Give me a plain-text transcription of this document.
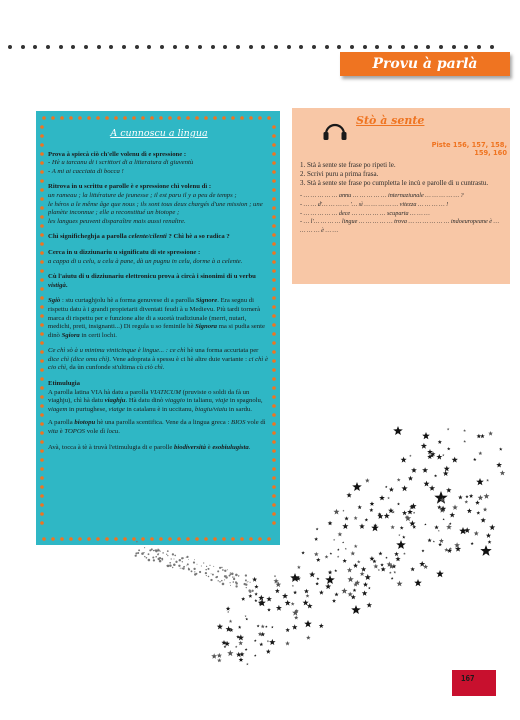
Provu à parlà
A cunnoscu a lingua

Prova à spiecà ciò ch'elle volenu dì e spressione :
- Hè u tarcanu di i scrittori di a litteratura di giuventù
- A mi ai cacciata di bocca !

Ritrova in u scrittu e parolle è e spressione chì volenu dì :
un rameau ; la littérature de jeunesse ; il est paru il y a peu de temps ;
le héros a le même âge que nous ; ils sont tous deux chargés d'une mission ; une planète inconnue ; elle a reconstitué un biotope ;
les langues peuvent disparaître mais aussi renaître.

Chì significheghja a parolla celente/cilenti ? Chì hè a so radica ?

Cerca in u dizziunariu u significatu di ste spressione :
a cappa di u celu, u celu à pane, dà un pugnu in celu, dorme à a celente.

Cù l'aiutu di u dizziunariu elettronicu prova à circà i sinonimi di u verbu vistigà.

Sgiò : stu curtaghjolu hè a forma genuvese di a parolla Signore. Era segnu di rispettu datu à i grandi propietarii diventati feudi à u Medievu. Più tardi tornerà marca di rispettu per e funzione alte di a sucetà tradiziunale (merri, nutari, medichi, preti, insignanti...) Di regula u so feminile hè Signora ma si pudia sente dinò Sgiora in certi lochi.

Ce chì sò à u minimu vinticinque è lingue... : ce chì hè una forma accurtata per dice chì (dice omu chì). Vene adoprata à spessu è ci hè altre duie variante : ci chì è cio chì, da ùn cunfonde st'ultima cù ciò chì.

Etimulugia
A parolla latina VIA hà datu a parolla VIATICUM (pruviste o soldi da fà un viaghju), chì hà datu viaghju. Hà datu dinò viaggio in talianu, viaje in spagnolu, viagem in purtughese, viatge in catalanu è in uccitanu, biagiu/viaiu in sardu.

A parolla biotopu hè una parolla scentifica. Vene da a lingua greca : BIOS vole dì vita è TOPOS vole dì locu.

Avà, tocca à tè à truvà l'etimulugia di e parolle biodiversità è esobiulugista.

Stò à sente
Piste 156, 157, 158,
159, 160

1. Stà à sente ste frase po ripeti le.

2. Scrivi puru a prima frasa.

3. Stà à sente ste frase po cumpletta le incù e parolle di u cuntrastu.

- … … … … … annu … … … … … internaziunale … … … … … ?
- … … d'… … … … '… sì … … … … … vitezza … … … … !
- … … … … … dece … … … … … scuparta … … …
- … l'… … … … lingue … … … … … trova … … … … … … indoeuropeane è … … … … è … …
167
